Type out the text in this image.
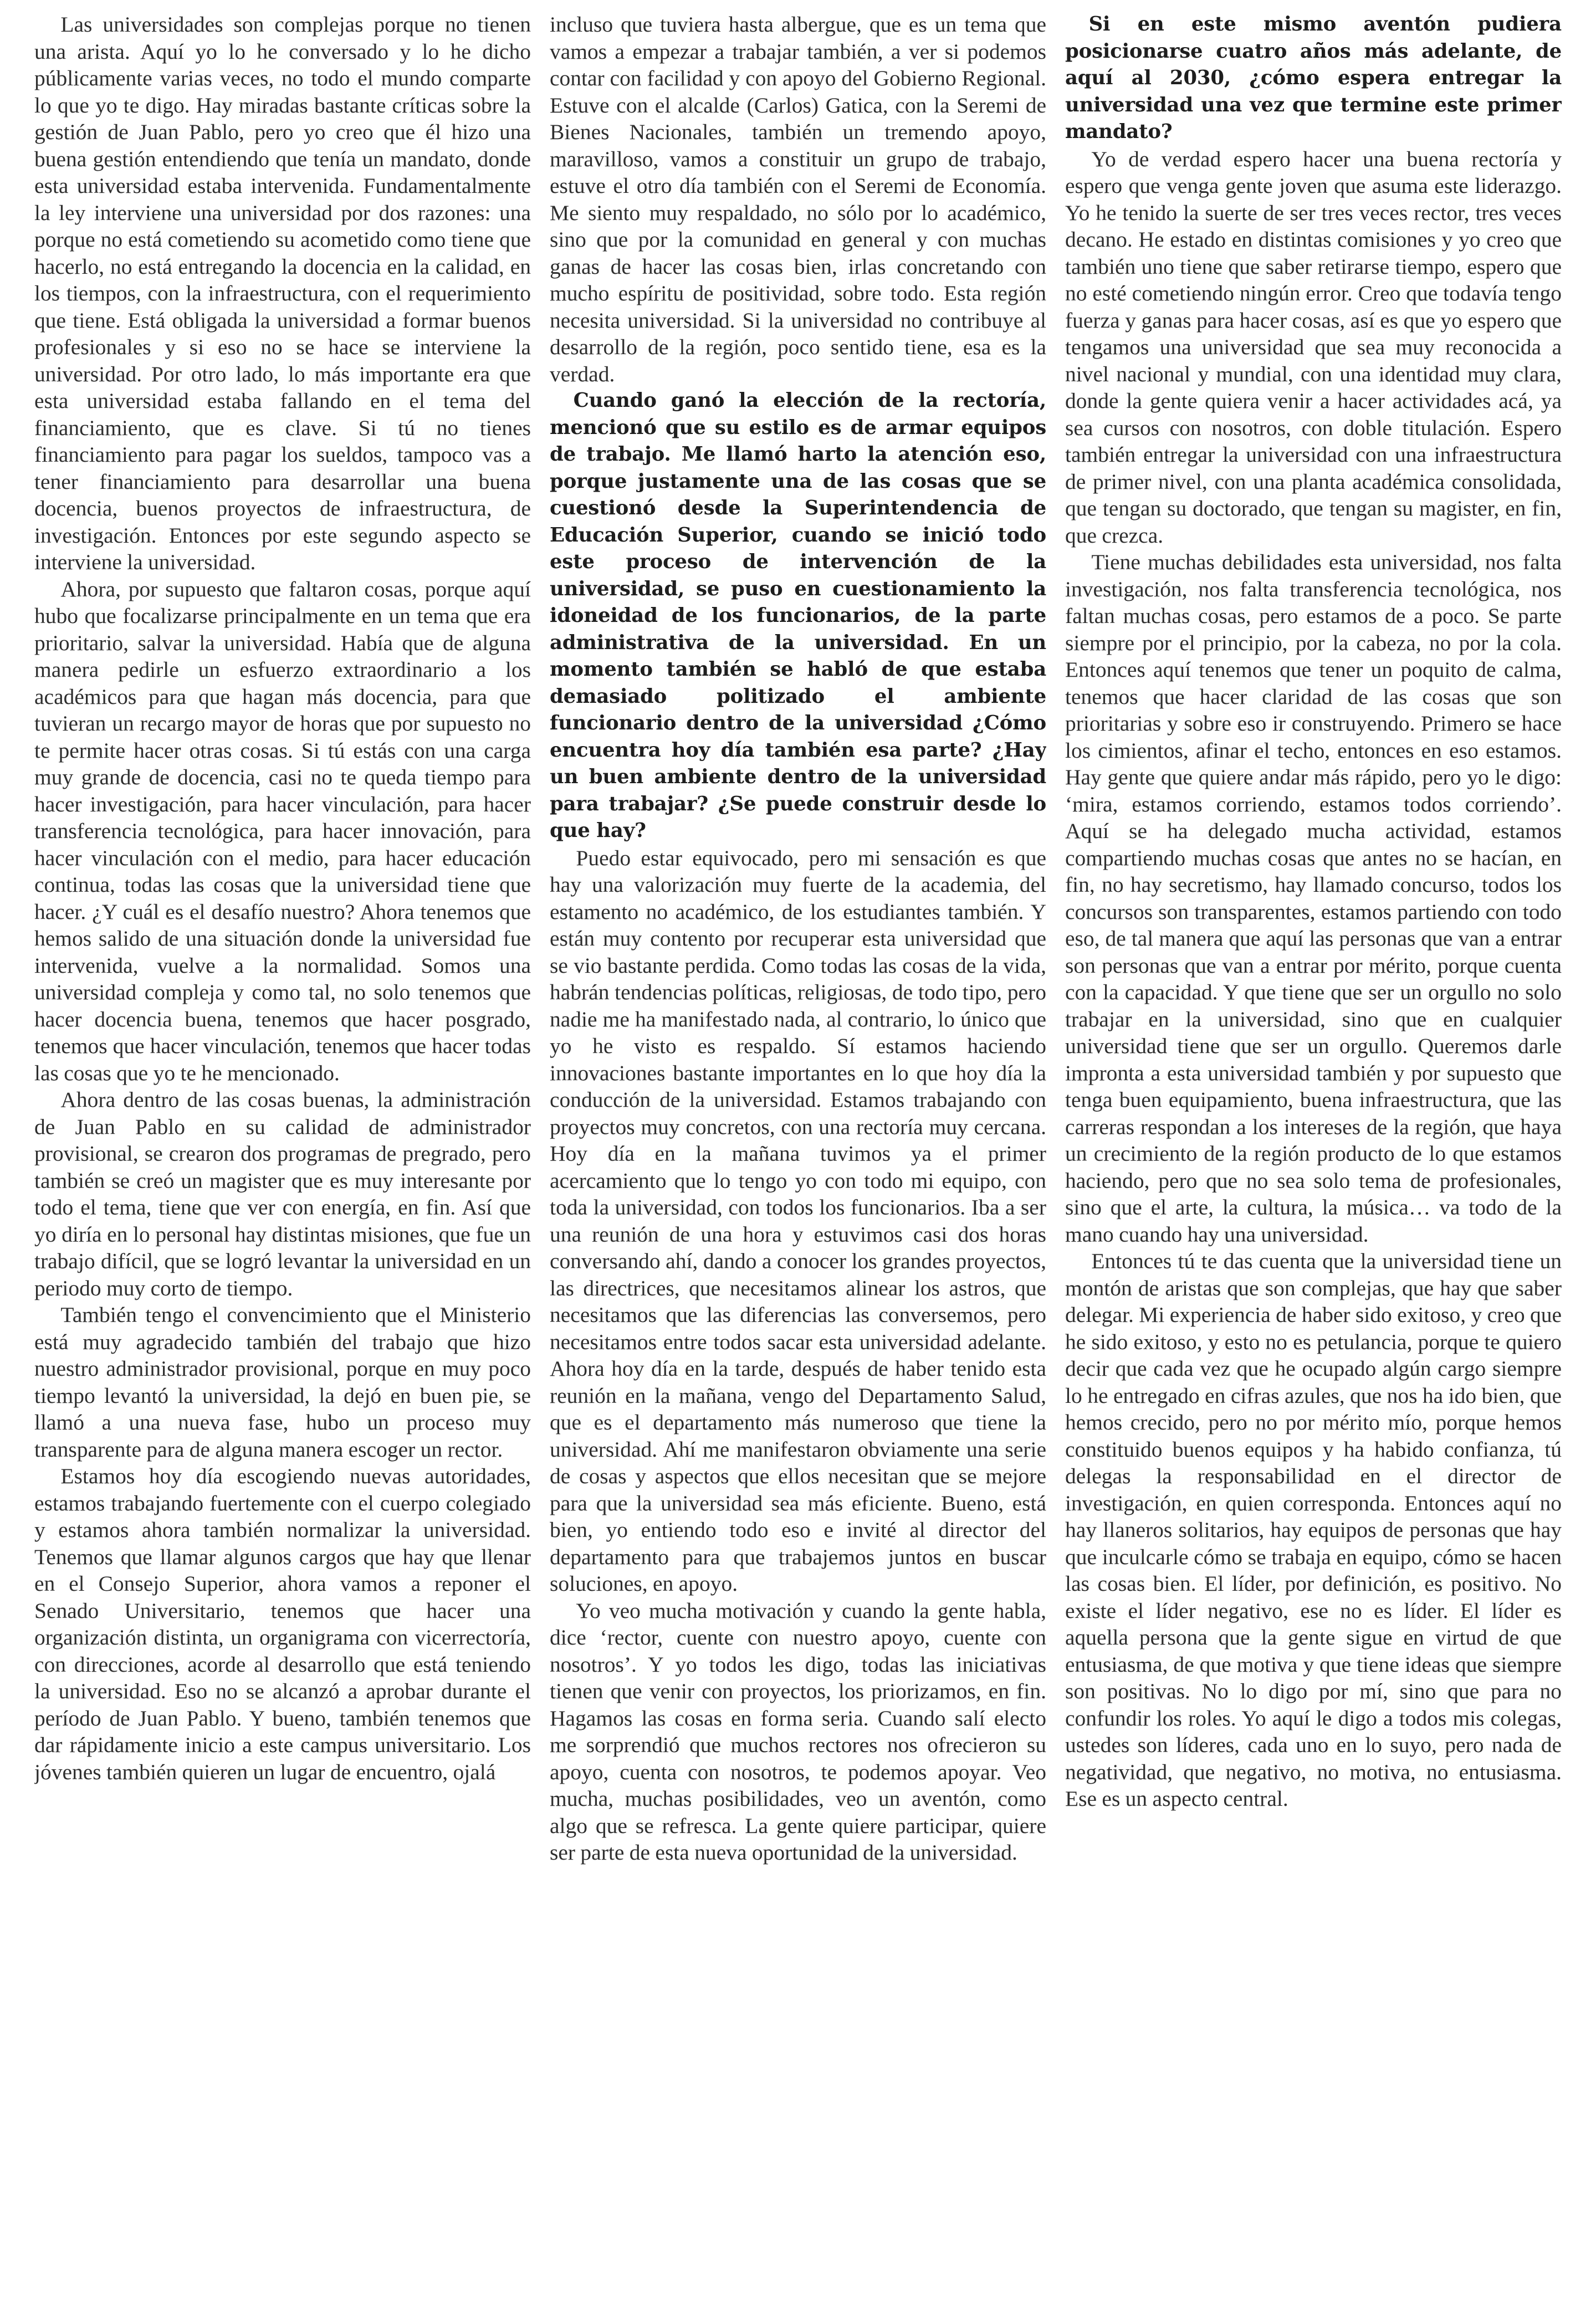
Las universidades son complejas porque no tienen una arista. Aquí yo lo he conversado y lo he dicho públicamente varias veces, no todo el mundo comparte lo que yo te digo. Hay miradas bastante críticas sobre la gestión de Juan Pablo, pero yo creo que él hizo una buena gestión entendiendo que tenía un mandato, donde esta universidad estaba intervenida. Fundamentalmente la ley interviene una universidad por dos razones: una porque no está cometiendo su acometido como tiene que hacerlo, no está entregando la docencia en la calidad, en los tiempos, con la infraestructura, con el requerimiento que tiene. Está obligada la universidad a formar buenos profesionales y si eso no se hace se interviene la universidad. Por otro lado, lo más importante era que esta universidad estaba fallando en el tema del financiamiento, que es clave. Si tú no tienes financiamiento para pagar los sueldos, tampoco vas a tener financiamiento para desarrollar una buena docencia, buenos proyectos de infraestructura, de investigación. Entonces por este segundo aspecto se interviene la universidad.

Ahora, por supuesto que faltaron cosas, porque aquí hubo que focalizarse principalmente en un tema que era prioritario, salvar la universidad. Había que de alguna manera pedirle un esfuerzo extraordinario a los académicos para que hagan más docencia, para que tuvieran un recargo mayor de horas que por supuesto no te permite hacer otras cosas. Si tú estás con una carga muy grande de docencia, casi no te queda tiempo para hacer investigación, para hacer vinculación, para hacer transferencia tecnológica, para hacer innovación, para hacer vinculación con el medio, para hacer educación continua, todas las cosas que la universidad tiene que hacer. ¿Y cuál es el desafío nuestro? Ahora tenemos que hemos salido de una situación donde la universidad fue intervenida, vuelve a la normalidad. Somos una universidad compleja y como tal, no solo tenemos que hacer docencia buena, tenemos que hacer posgrado, tenemos que hacer vinculación, tenemos que hacer todas las cosas que yo te he mencionado.

Ahora dentro de las cosas buenas, la administración de Juan Pablo en su calidad de administrador provisional, se crearon dos programas de pregrado, pero también se creó un magister que es muy interesante por todo el tema, tiene que ver con energía, en fin. Así que yo diría en lo personal hay distintas misiones, que fue un trabajo difícil, que se logró levantar la universidad en un periodo muy corto de tiempo.

También tengo el convencimiento que el Ministerio está muy agradecido también del trabajo que hizo nuestro administrador provisional, porque en muy poco tiempo levantó la universidad, la dejó en buen pie, se llamó a una nueva fase, hubo un proceso muy transparente para de alguna manera escoger un rector.

Estamos hoy día escogiendo nuevas autoridades, estamos trabajando fuertemente con el cuerpo colegiado y estamos ahora también normalizar la universidad. Tenemos que llamar algunos cargos que hay que llenar en el Consejo Superior, ahora vamos a reponer el Senado Universitario, tenemos que hacer una organización distinta, un organigrama con vicerrectoría, con direcciones, acorde al desarrollo que está teniendo la universidad. Eso no se alcanzó a aprobar durante el período de Juan Pablo. Y bueno, también tenemos que dar rápidamente inicio a este campus universitario. Los jóvenes también quieren un lugar de encuentro, ojalá

incluso que tuviera hasta albergue, que es un tema que vamos a empezar a trabajar también, a ver si podemos contar con facilidad y con apoyo del Gobierno Regional. Estuve con el alcalde (Carlos) Gatica, con la Seremi de Bienes Nacionales, también un tremendo apoyo, maravilloso, vamos a constituir un grupo de trabajo, estuve el otro día también con el Seremi de Economía. Me siento muy respaldado, no sólo por lo académico, sino que por la comunidad en general y con muchas ganas de hacer las cosas bien, irlas concretando con mucho espíritu de positividad, sobre todo. Esta región necesita universidad. Si la universidad no contribuye al desarrollo de la región, poco sentido tiene, esa es la verdad.

Cuando ganó la elección de la rectoría, mencionó que su estilo es de armar equipos de trabajo. Me llamó harto la atención eso, porque justamente una de las cosas que se cuestionó desde la Superintendencia de Educación Superior, cuando se inició todo este proceso de intervención de la universidad, se puso en cuestionamiento la idoneidad de los funcionarios, de la parte administrativa de la universidad. En un momento también se habló de que estaba demasiado politizado el ambiente funcionario dentro de la universidad ¿Cómo encuentra hoy día también esa parte? ¿Hay un buen ambiente dentro de la universidad para trabajar? ¿Se puede construir desde lo que hay?

Puedo estar equivocado, pero mi sensación es que hay una valorización muy fuerte de la academia, del estamento no académico, de los estudiantes también. Y están muy contento por recuperar esta universidad que se vio bastante perdida. Como todas las cosas de la vida, habrán tendencias políticas, religiosas, de todo tipo, pero nadie me ha manifestado nada, al contrario, lo único que yo he visto es respaldo. Sí estamos haciendo innovaciones bastante importantes en lo que hoy día la conducción de la universidad. Estamos trabajando con proyectos muy concretos, con una rectoría muy cercana. Hoy día en la mañana tuvimos ya el primer acercamiento que lo tengo yo con todo mi equipo, con toda la universidad, con todos los funcionarios. Iba a ser una reunión de una hora y estuvimos casi dos horas conversando ahí, dando a conocer los grandes proyectos, las directrices, que necesitamos alinear los astros, que necesitamos que las diferencias las conversemos, pero necesitamos entre todos sacar esta universidad adelante. Ahora hoy día en la tarde, después de haber tenido esta reunión en la mañana, vengo del Departamento Salud, que es el departamento más numeroso que tiene la universidad. Ahí me manifestaron obviamente una serie de cosas y aspectos que ellos necesitan que se mejore para que la universidad sea más eficiente. Bueno, está bien, yo entiendo todo eso e invité al director del departamento para que trabajemos juntos en buscar soluciones, en apoyo.

Yo veo mucha motivación y cuando la gente habla, dice ‘rector, cuente con nuestro apoyo, cuente con nosotros’. Y yo todos les digo, todas las iniciativas tienen que venir con proyectos, los priorizamos, en fin. Hagamos las cosas en forma seria. Cuando salí electo me sorprendió que muchos rectores nos ofrecieron su apoyo, cuenta con nosotros, te podemos apoyar. Veo mucha, muchas posibilidades, veo un aventón, como algo que se refresca. La gente quiere participar, quiere ser parte de esta nueva oportunidad de la universidad.

Si en este mismo aventón pudiera posicionarse cuatro años más adelante, de aquí al 2030, ¿cómo espera entregar la universidad una vez que termine este primer mandato?

Yo de verdad espero hacer una buena rectoría y espero que venga gente joven que asuma este liderazgo. Yo he tenido la suerte de ser tres veces rector, tres veces decano. He estado en distintas comisiones y yo creo que también uno tiene que saber retirarse tiempo, espero que no esté cometiendo ningún error. Creo que todavía tengo fuerza y ganas para hacer cosas, así es que yo espero que tengamos una universidad que sea muy reconocida a nivel nacional y mundial, con una identidad muy clara, donde la gente quiera venir a hacer actividades acá, ya sea cursos con nosotros, con doble titulación. Espero también entregar la universidad con una infraestructura de primer nivel, con una planta académica consolidada, que tengan su doctorado, que tengan su magister, en fin, que crezca.

Tiene muchas debilidades esta universidad, nos falta investigación, nos falta transferencia tecnológica, nos faltan muchas cosas, pero estamos de a poco. Se parte siempre por el principio, por la cabeza, no por la cola. Entonces aquí tenemos que tener un poquito de calma, tenemos que hacer claridad de las cosas que son prioritarias y sobre eso ir construyendo. Primero se hace los cimientos, afinar el techo, entonces en eso estamos. Hay gente que quiere andar más rápido, pero yo le digo: ‘mira, estamos corriendo, estamos todos corriendo’. Aquí se ha delegado mucha actividad, estamos compartiendo muchas cosas que antes no se hacían, en fin, no hay secretismo, hay llamado concurso, todos los concursos son transparentes, estamos partiendo con todo eso, de tal manera que aquí las personas que van a entrar son personas que van a entrar por mérito, porque cuenta con la capacidad. Y que tiene que ser un orgullo no solo trabajar en la universidad, sino que en cualquier universidad tiene que ser un orgullo. Queremos darle impronta a esta universidad también y por supuesto que tenga buen equipamiento, buena infraestructura, que las carreras respondan a los intereses de la región, que haya un crecimiento de la región producto de lo que estamos haciendo, pero que no sea solo tema de profesionales, sino que el arte, la cultura, la música… va todo de la mano cuando hay una universidad.

Entonces tú te das cuenta que la universidad tiene un montón de aristas que son complejas, que hay que saber delegar. Mi experiencia de haber sido exitoso, y creo que he sido exitoso, y esto no es petulancia, porque te quiero decir que cada vez que he ocupado algún cargo siempre lo he entregado en cifras azules, que nos ha ido bien, que hemos crecido, pero no por mérito mío, porque hemos constituido buenos equipos y ha habido confianza, tú delegas la responsabilidad en el director de investigación, en quien corresponda. Entonces aquí no hay llaneros solitarios, hay equipos de personas que hay que inculcarle cómo se trabaja en equipo, cómo se hacen las cosas bien. El líder, por definición, es positivo. No existe el líder negativo, ese no es líder. El líder es aquella persona que la gente sigue en virtud de que entusiasma, de que motiva y que tiene ideas que siempre son positivas. No lo digo por mí, sino que para no confundir los roles. Yo aquí le digo a todos mis colegas, ustedes son líderes, cada uno en lo suyo, pero nada de negatividad, que negativo, no motiva, no entusiasma. Ese es un aspecto central.
